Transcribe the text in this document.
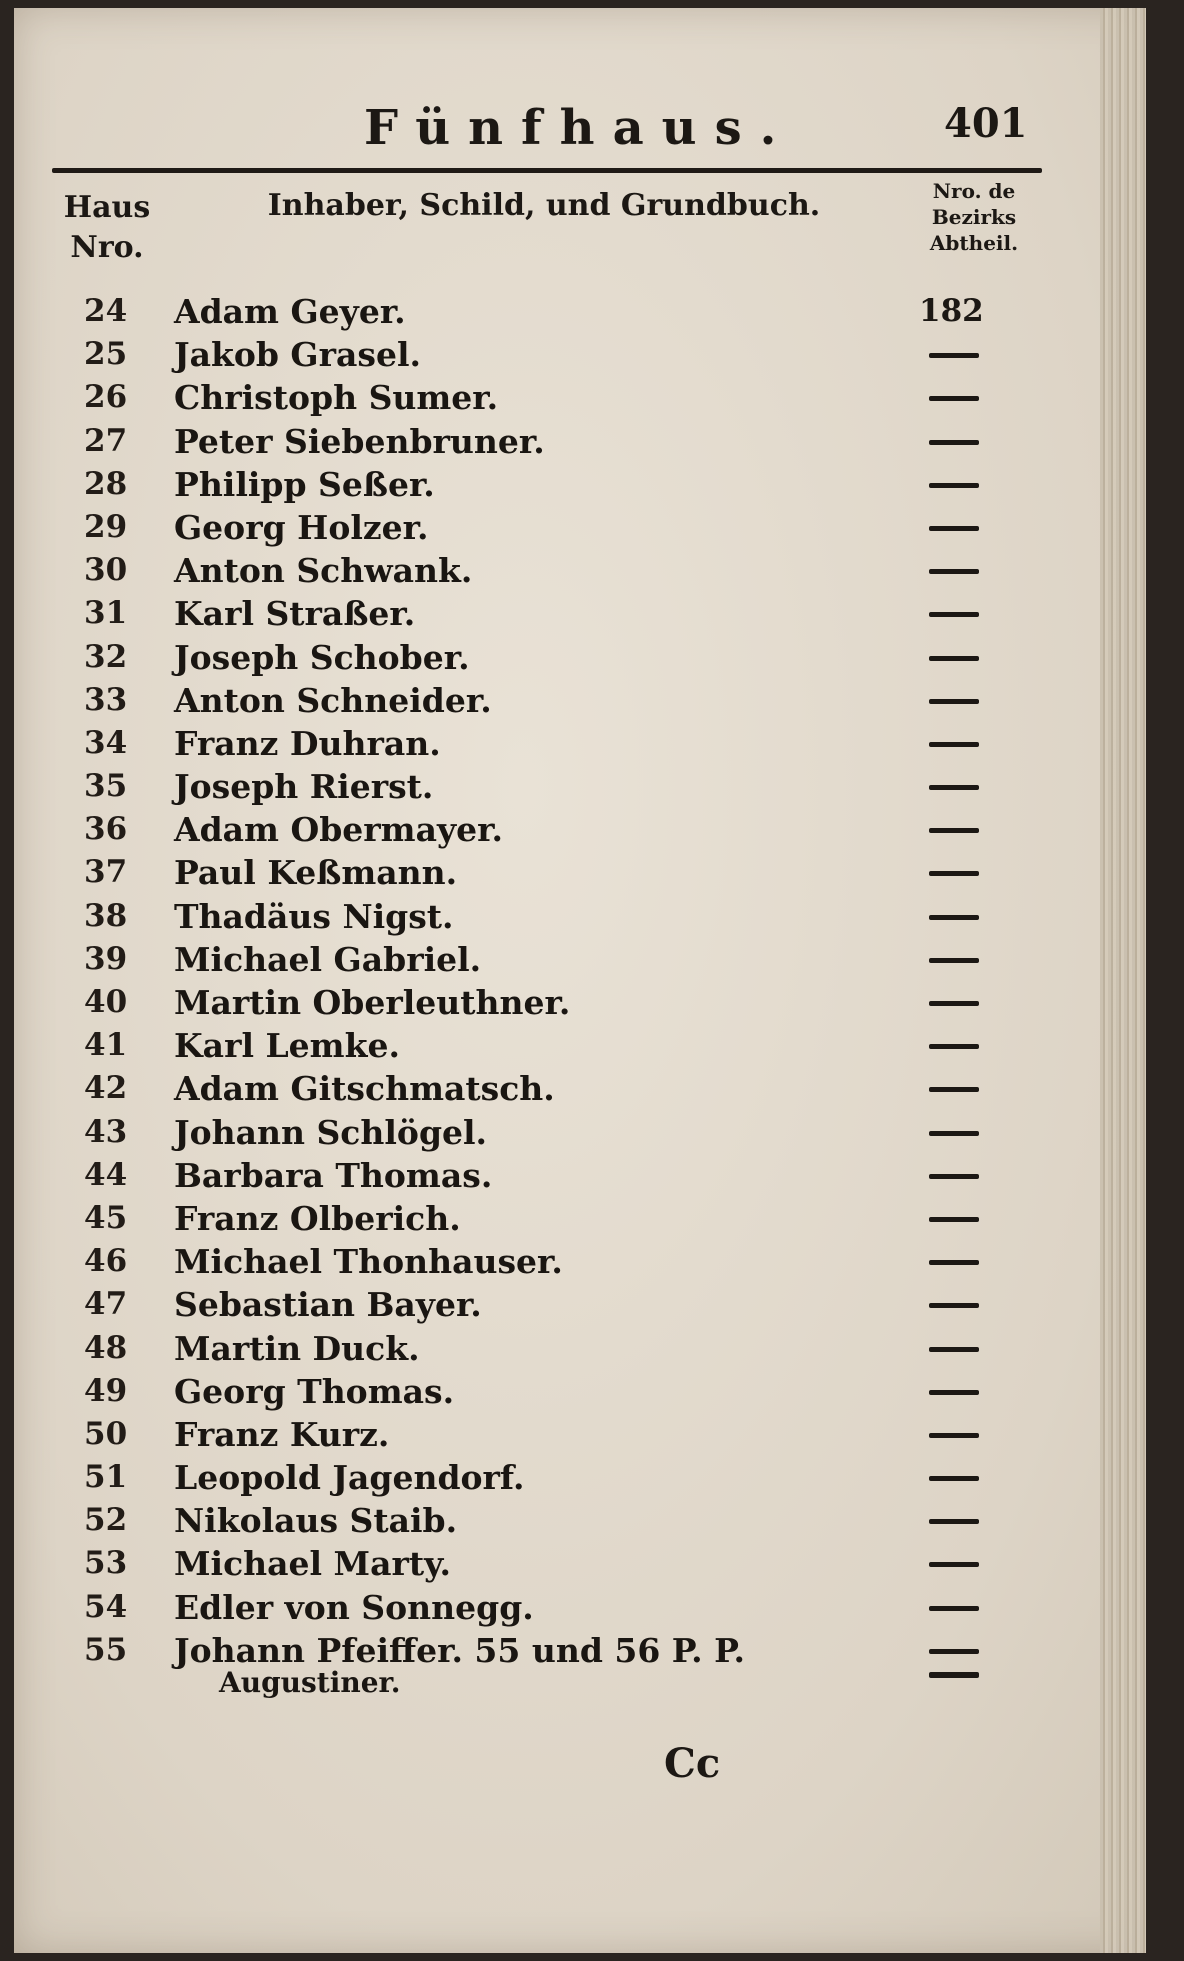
Fünfhaus.	401
Haus Nro.
Inhaber, Schild, und Grundbuch.	Nro. de Bezirks Abtheil.
24	Adam Geyer.	182
25	Jakob Grasel.
26	Christoph Sumer.
27	Peter Siebenbruner.
28	Philipp Seßer.
29	Georg Holzer.
30	Anton Schwank.
31	Karl Straßer.
32	Joseph Schober.
33	Anton Schneider.
34	Franz Duhran.
35	Joseph Rierst.
36	Adam Obermayer.
37	Paul Keßmann.
38	Thadäus Nigst.
39	Michael Gabriel.
40	Martin Oberleuthner.
41	Karl Lemke.
42	Adam Gitschmatsch.
43	Johann Schlögel.
44	Barbara Thomas.
45	Franz Olberich.
46	Michael Thonhauser.
47	Sebastian Bayer.
48	Martin Duck.
49	Georg Thomas.
50	Franz Kurz.
51	Leopold Jagendorf.
52	Nikolaus Staib.
53	Michael Marty.
54	Edler von Sonnegg.
55	Johann Pfeiffer. 55 und 56 P. P.
Augustiner.
Cc
